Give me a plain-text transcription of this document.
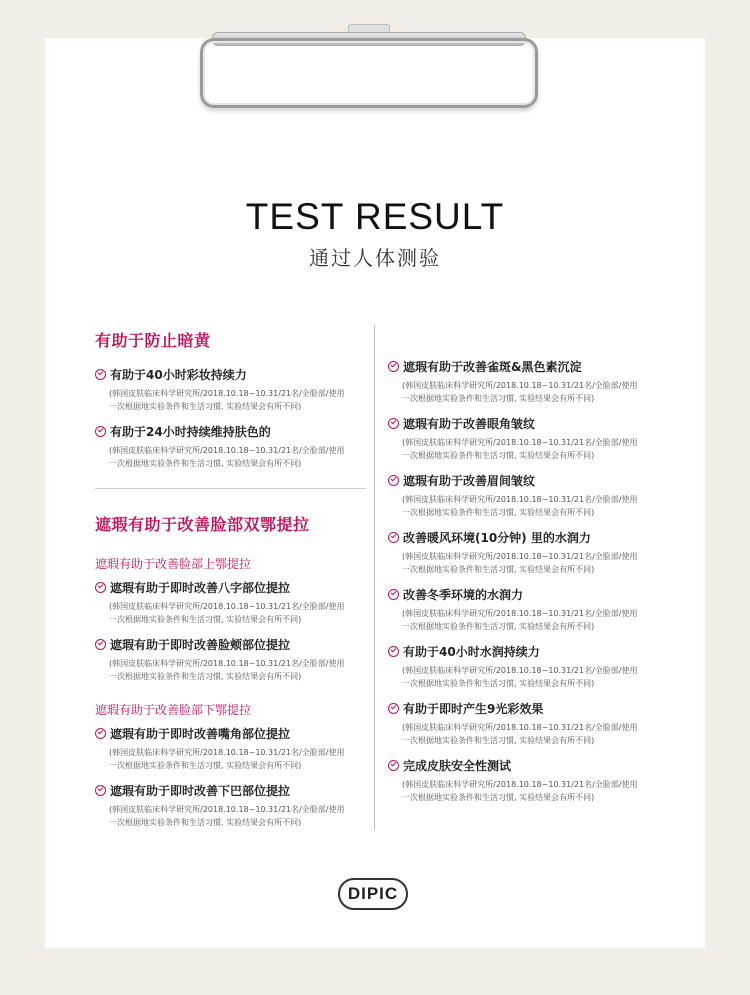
TEST RESULT
通过人体测验

有助于防止暗黄

有助于40小时彩妆持续力
(韩国皮肤临床科学研究所/2018.10.18~10.31/21名/全脸部/使用
一次根据地实验条件和生活习惯, 实验结果会有所不同)
有助于24小时持续维持肤色的
(韩国皮肤临床科学研究所/2018.10.18~10.31/21名/全脸部/使用
一次根据地实验条件和生活习惯, 实验结果会有所不同)

遮瑕有助于改善脸部双鄂提拉

遮瑕有助于改善脸部上鄂提拉

遮瑕有助于即时改善八字部位提拉
(韩国皮肤临床科学研究所/2018.10.18~10.31/21名/全脸部/使用
一次根据地实验条件和生活习惯, 实验结果会有所不同)
遮瑕有助于即时改善脸颊部位提拉
(韩国皮肤临床科学研究所/2018.10.18~10.31/21名/全脸部/使用
一次根据地实验条件和生活习惯, 实验结果会有所不同)

遮瑕有助于改善脸部下鄂提拉

遮瑕有助于即时改善嘴角部位提拉
(韩国皮肤临床科学研究所/2018.10.18~10.31/21名/全脸部/使用
一次根据地实验条件和生活习惯, 实验结果会有所不同)
遮瑕有助于即时改善下巴部位提拉
(韩国皮肤临床科学研究所/2018.10.18~10.31/21名/全脸部/使用
一次根据地实验条件和生活习惯, 实验结果会有所不同)
遮瑕有助于改善雀斑&黑色素沉淀
(韩国皮肤临床科学研究所/2018.10.18~10.31/21名/全脸部/使用
一次根据地实验条件和生活习惯, 实验结果会有所不同)
遮瑕有助于改善眼角皱纹
(韩国皮肤临床科学研究所/2018.10.18~10.31/21名/全脸部/使用
一次根据地实验条件和生活习惯, 实验结果会有所不同)
遮瑕有助于改善眉间皱纹
(韩国皮肤临床科学研究所/2018.10.18~10.31/21名/全脸部/使用
一次根据地实验条件和生活习惯, 实验结果会有所不同)
改善暖风环境(10分钟) 里的水润力
(韩国皮肤临床科学研究所/2018.10.18~10.31/21名/全脸部/使用
一次根据地实验条件和生活习惯, 实验结果会有所不同)
改善冬季环境的水润力
(韩国皮肤临床科学研究所/2018.10.18~10.31/21名/全脸部/使用
一次根据地实验条件和生活习惯, 实验结果会有所不同)
有助于40小时水润持续力
(韩国皮肤临床科学研究所/2018.10.18~10.31/21名/全脸部/使用
一次根据地实验条件和生活习惯, 实验结果会有所不同)
有助于即时产生9光彩效果
(韩国皮肤临床科学研究所/2018.10.18~10.31/21名/全脸部/使用
一次根据地实验条件和生活习惯, 实验结果会有所不同)
完成皮肤安全性测试
(韩国皮肤临床科学研究所/2018.10.18~10.31/21名/全脸部/使用
一次根据地实验条件和生活习惯, 实验结果会有所不同)
DIPIC
